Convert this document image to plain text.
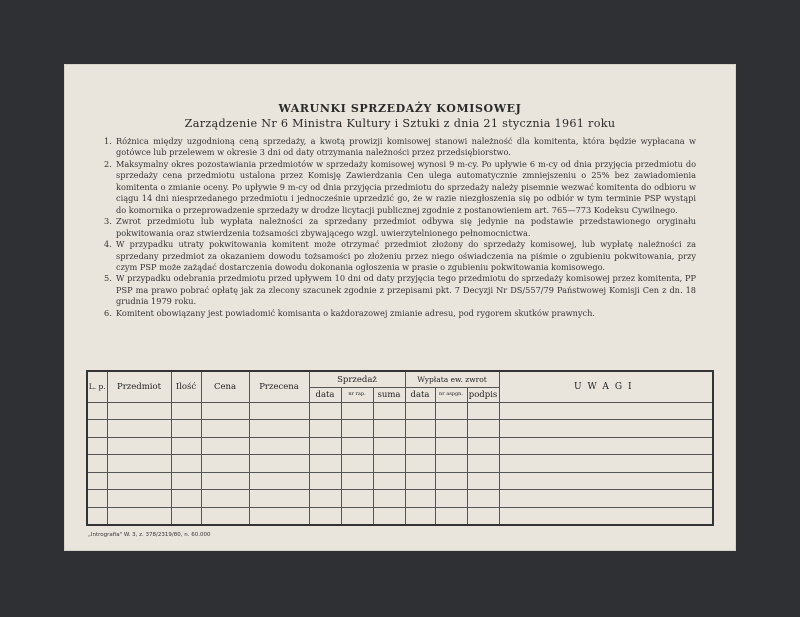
WARUNKI SPRZEDAŻY KOMISOWEJ
Zarządzenie Nr 6 Ministra Kultury i Sztuki z dnia 21 stycznia 1961 roku
1. Różnica między uzgodnioną ceną sprzedaży, a kwotą prowizji komisowej stanowi należność dla komitenta, która będzie wypłacana w gotówce lub przelewem w okresie 3 dni od daty otrzymania należności przez przedsiębiorstwo.
2. Maksymalny okres pozostawiania przedmiotów w sprzedaży komisowej wynosi 9 m-cy. Po upływie 6 m-cy od dnia przyjęcia przedmiotu do sprzedaży cena przedmiotu ustalona przez Komisję Zawierdzania Cen ulega automatycznie zmniejszeniu o 25% bez zawiadomienia komitenta o zmianie oceny. Po upływie 9 m-cy od dnia przyjęcia przedmiotu do sprzedaży należy pisemnie wezwać komitenta do odbioru w ciągu 14 dni niesprzedanego przedmiotu i jednocześnie uprzedzić go, że w razie niezgłoszenia się po odbiór w tym terminie PSP wystąpi do komornika o przeprowadzenie sprzedaży w drodze licytacji publicznej zgodnie z postanowieniem art. 765—773 Kodeksu Cywilnego.
3. Zwrot przedmiotu lub wypłata należności za sprzedany przedmiot odbywa się jedynie na podstawie przedstawionego oryginału pokwitowania oraz stwierdzenia tożsamości zbywającego wzgl. uwierzytelnionego pełnomocnictwa.
4. W przypadku utraty pokwitowania komitent może otrzymać przedmiot złożony do sprzedaży komisowej, lub wypłatę należności za sprzedany przedmiot za okazaniem dowodu tożsamości po złożeniu przez niego oświadczenia na piśmie o zgubieniu pokwitowania, przy czym PSP może zażądać dostarczenia dowodu dokonania ogłoszenia w prasie o zgubieniu pokwitowania komisowego.
5. W przypadku odebrania przedmiotu przed upływem 10 dni od daty przyjęcia tego przedmiotu do sprzedaży komisowej przez komitenta, PP PSP ma prawo pobrać opłatę jak za zlecony szacunek zgodnie z przepisami pkt. 7 Decyzji Nr DS/557/79 Państwowej Komisji Cen z dn. 18 grudnia 1979 roku.
6. Komitent obowiązany jest powiadomić komisanta o każdorazowej zmianie adresu, pod rygorem skutków prawnych.
L. p.	Przedmiot	Ilość	Cena	Przecena	Sprzedaż			Wypłata ew. zwrot			UWAGI
					data	nr rap.	suma	data	nr aspgn.	podpis	

„Intrografia" W. 3, z. 378/2319/80, n. 60.000
